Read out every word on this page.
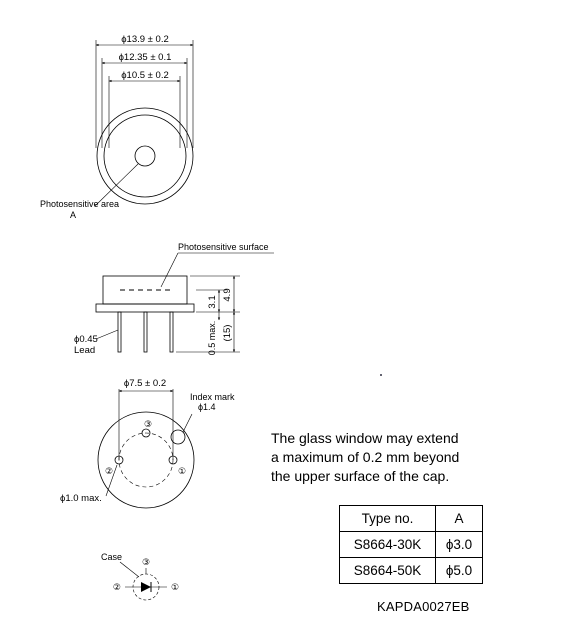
ϕ13.9 ± 0.2
ϕ12.35 ± 0.1
ϕ10.5 ± 0.2
Photosensitive area
A
Photosensitive surface
3.1
4.9
0.5 max. (15)
ϕ0.45
Lead
ϕ7.5 ± 0.2
Index mark
ϕ1.4
③
②	①
ϕ1.0 max.
Case ③
②	①
The glass window may extend
a maximum of 0.2 mm beyond
the upper surface of the cap.
Type no.	A
S8664-30K	ϕ3.0
S8664-50K	ϕ5.0
KAPDA0027EB
